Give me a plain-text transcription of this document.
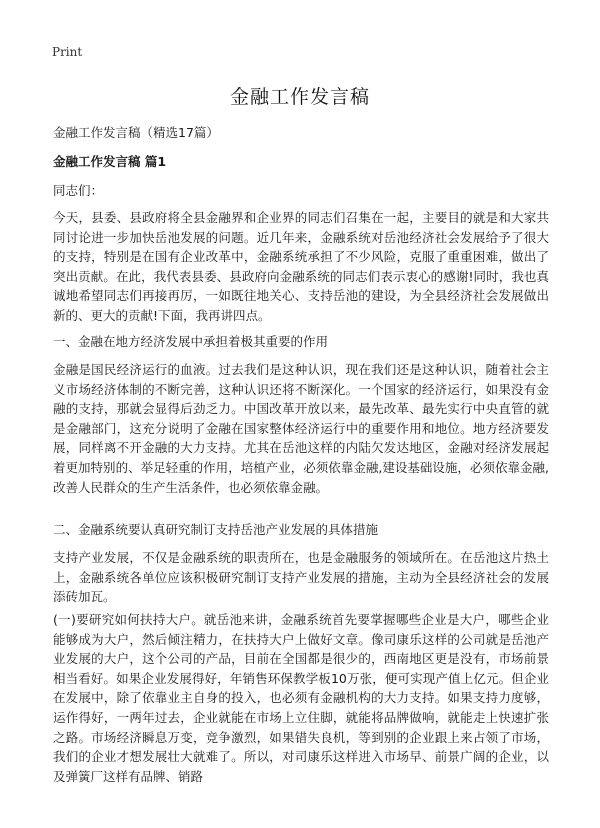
Print
金融工作发言稿
金融工作发言稿（精选17篇）
金融工作发言稿 篇1
同志们：

今天，县委、县政府将全县金融界和企业界的同志们召集在一起，主要目的就是和大家共同讨论进一步加快岳池发展的问题。近几年来，金融系统对岳池经济社会发展给予了很大的支持，特别是在国有企业改革中，金融系统承担了不少风险，克服了重重困难，做出了突出贡献。在此，我代表县委、县政府向金融系统的同志们表示衷心的感谢!同时，我也真诚地希望同志们再接再厉，一如既往地关心、支持岳池的建设，为全县经济社会发展做出新的、更大的贡献!下面，我再讲四点。

一、金融在地方经济发展中承担着极其重要的作用

金融是国民经济运行的血液。过去我们是这种认识，现在我们还是这种认识，随着社会主义市场经济体制的不断完善，这种认识还将不断深化。一个国家的经济运行，如果没有金融的支持，那就会显得后劲乏力。中国改革开放以来，最先改革、最先实行中央直管的就是金融部门，这充分说明了金融在国家整体经济运行中的重要作用和地位。地方经济要发展，同样离不开金融的大力支持。尤其在岳池这样的内陆欠发达地区，金融对经济发展起着更加特别的、举足轻重的作用，培植产业，必须依靠金融,建设基础设施，必须依靠金融,改善人民群众的生产生活条件，也必须依靠金融。

二、金融系统要认真研究制订支持岳池产业发展的具体措施

支持产业发展，不仅是金融系统的职责所在，也是金融服务的领域所在。在岳池这片热土上，金融系统各单位应该积极研究制订支持产业发展的措施，主动为全县经济社会的发展添砖加瓦。

(一)要研究如何扶持大户。就岳池来讲，金融系统首先要掌握哪些企业是大户，哪些企业能够成为大户，然后倾注精力，在扶持大户上做好文章。像司康乐这样的公司就是岳池产业发展的大户，这个公司的产品，目前在全国都是很少的，西南地区更是没有，市场前景相当看好。如果企业发展得好，年销售环保教学板10万张，便可实现产值上亿元。但企业在发展中，除了依靠业主自身的投入，也必须有金融机构的大力支持。如果支持力度够，运作得好，一两年过去，企业就能在市场上立住脚，就能将品牌做响，就能走上快速扩张之路。市场经济瞬息万变，竞争激烈，如果错失良机，等到别的企业跟上来占领了市场，我们的企业才想发展壮大就难了。所以，对司康乐这样进入市场早、前景广阔的企业，以及弹簧厂这样有品牌、销路
